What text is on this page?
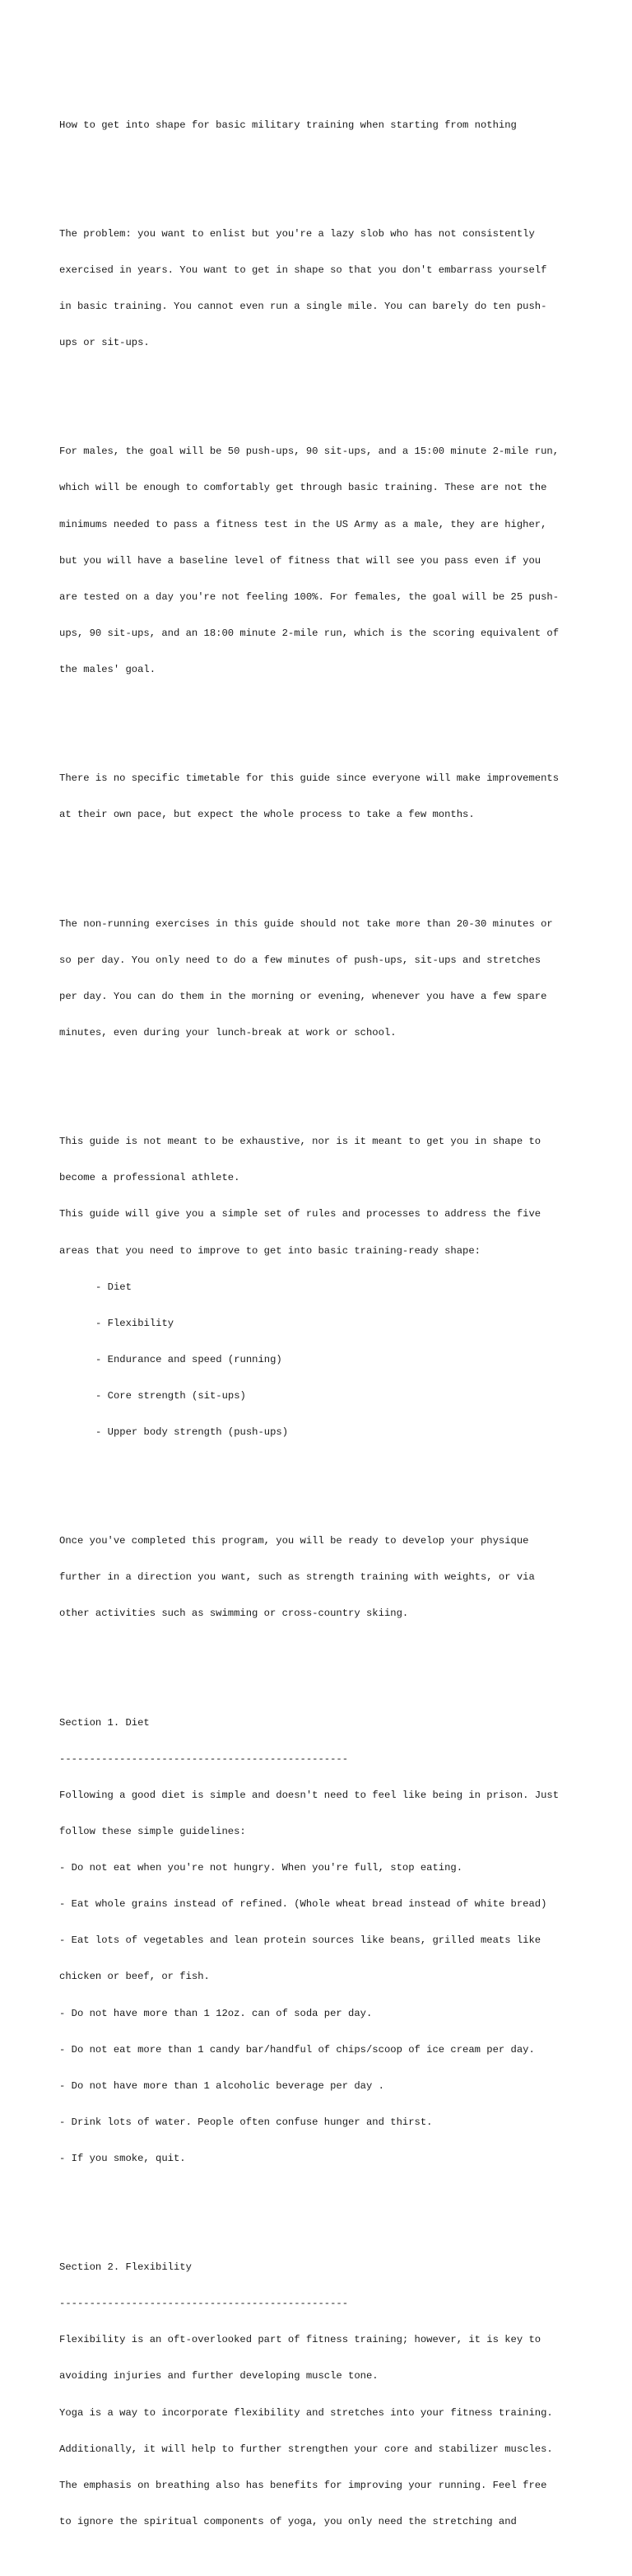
How to get into shape for basic military training when starting from nothing

The problem: you want to enlist but you're a lazy slob who has not consistently

exercised in years. You want to get in shape so that you don't embarrass yourself

in basic training. You cannot even run a single mile. You can barely do ten push-

ups or sit-ups.

For males, the goal will be 50 push-ups, 90 sit-ups, and a 15:00 minute 2-mile run,

which will be enough to comfortably get through basic training. These are not the

minimums needed to pass a fitness test in the US Army as a male, they are higher,

but you will have a baseline level of fitness that will see you pass even if you

are tested on a day you're not feeling 100%. For females, the goal will be 25 push-

ups, 90 sit-ups, and an 18:00 minute 2-mile run, which is the scoring equivalent of

the males' goal.

There is no specific timetable for this guide since everyone will make improvements

at their own pace, but expect the whole process to take a few months.

The non-running exercises in this guide should not take more than 20-30 minutes or

so per day. You only need to do a few minutes of push-ups, sit-ups and stretches

per day. You can do them in the morning or evening, whenever you have a few spare

minutes, even during your lunch-break at work or school.

This guide is not meant to be exhaustive, nor is it meant to get you in shape to

become a professional athlete.

This guide will give you a simple set of rules and processes to address the five

areas that you need to improve to get into basic training-ready shape:

- Diet

- Flexibility

- Endurance and speed (running)

- Core strength (sit-ups)

- Upper body strength (push-ups)

Once you've completed this program, you will be ready to develop your physique

further in a direction you want, such as strength training with weights, or via

other activities such as swimming or cross-country skiing.

Section 1. Diet

------------------------------------------------

Following a good diet is simple and doesn't need to feel like being in prison. Just

follow these simple guidelines:

- Do not eat when you're not hungry. When you're full, stop eating.

- Eat whole grains instead of refined. (Whole wheat bread instead of white bread)

- Eat lots of vegetables and lean protein sources like beans, grilled meats like

chicken or beef, or fish.

- Do not have more than 1 12oz. can of soda per day.

- Do not eat more than 1 candy bar/handful of chips/scoop of ice cream per day.

- Do not have more than 1 alcoholic beverage per day .

- Drink lots of water. People often confuse hunger and thirst.

- If you smoke, quit.

Section 2. Flexibility

------------------------------------------------

Flexibility is an oft-overlooked part of fitness training; however, it is key to

avoiding injuries and further developing muscle tone.

Yoga is a way to incorporate flexibility and stretches into your fitness training.

Additionally, it will help to further strengthen your core and stabilizer muscles.

The emphasis on breathing also has benefits for improving your running. Feel free

to ignore the spiritual components of yoga, you only need the stretching and
